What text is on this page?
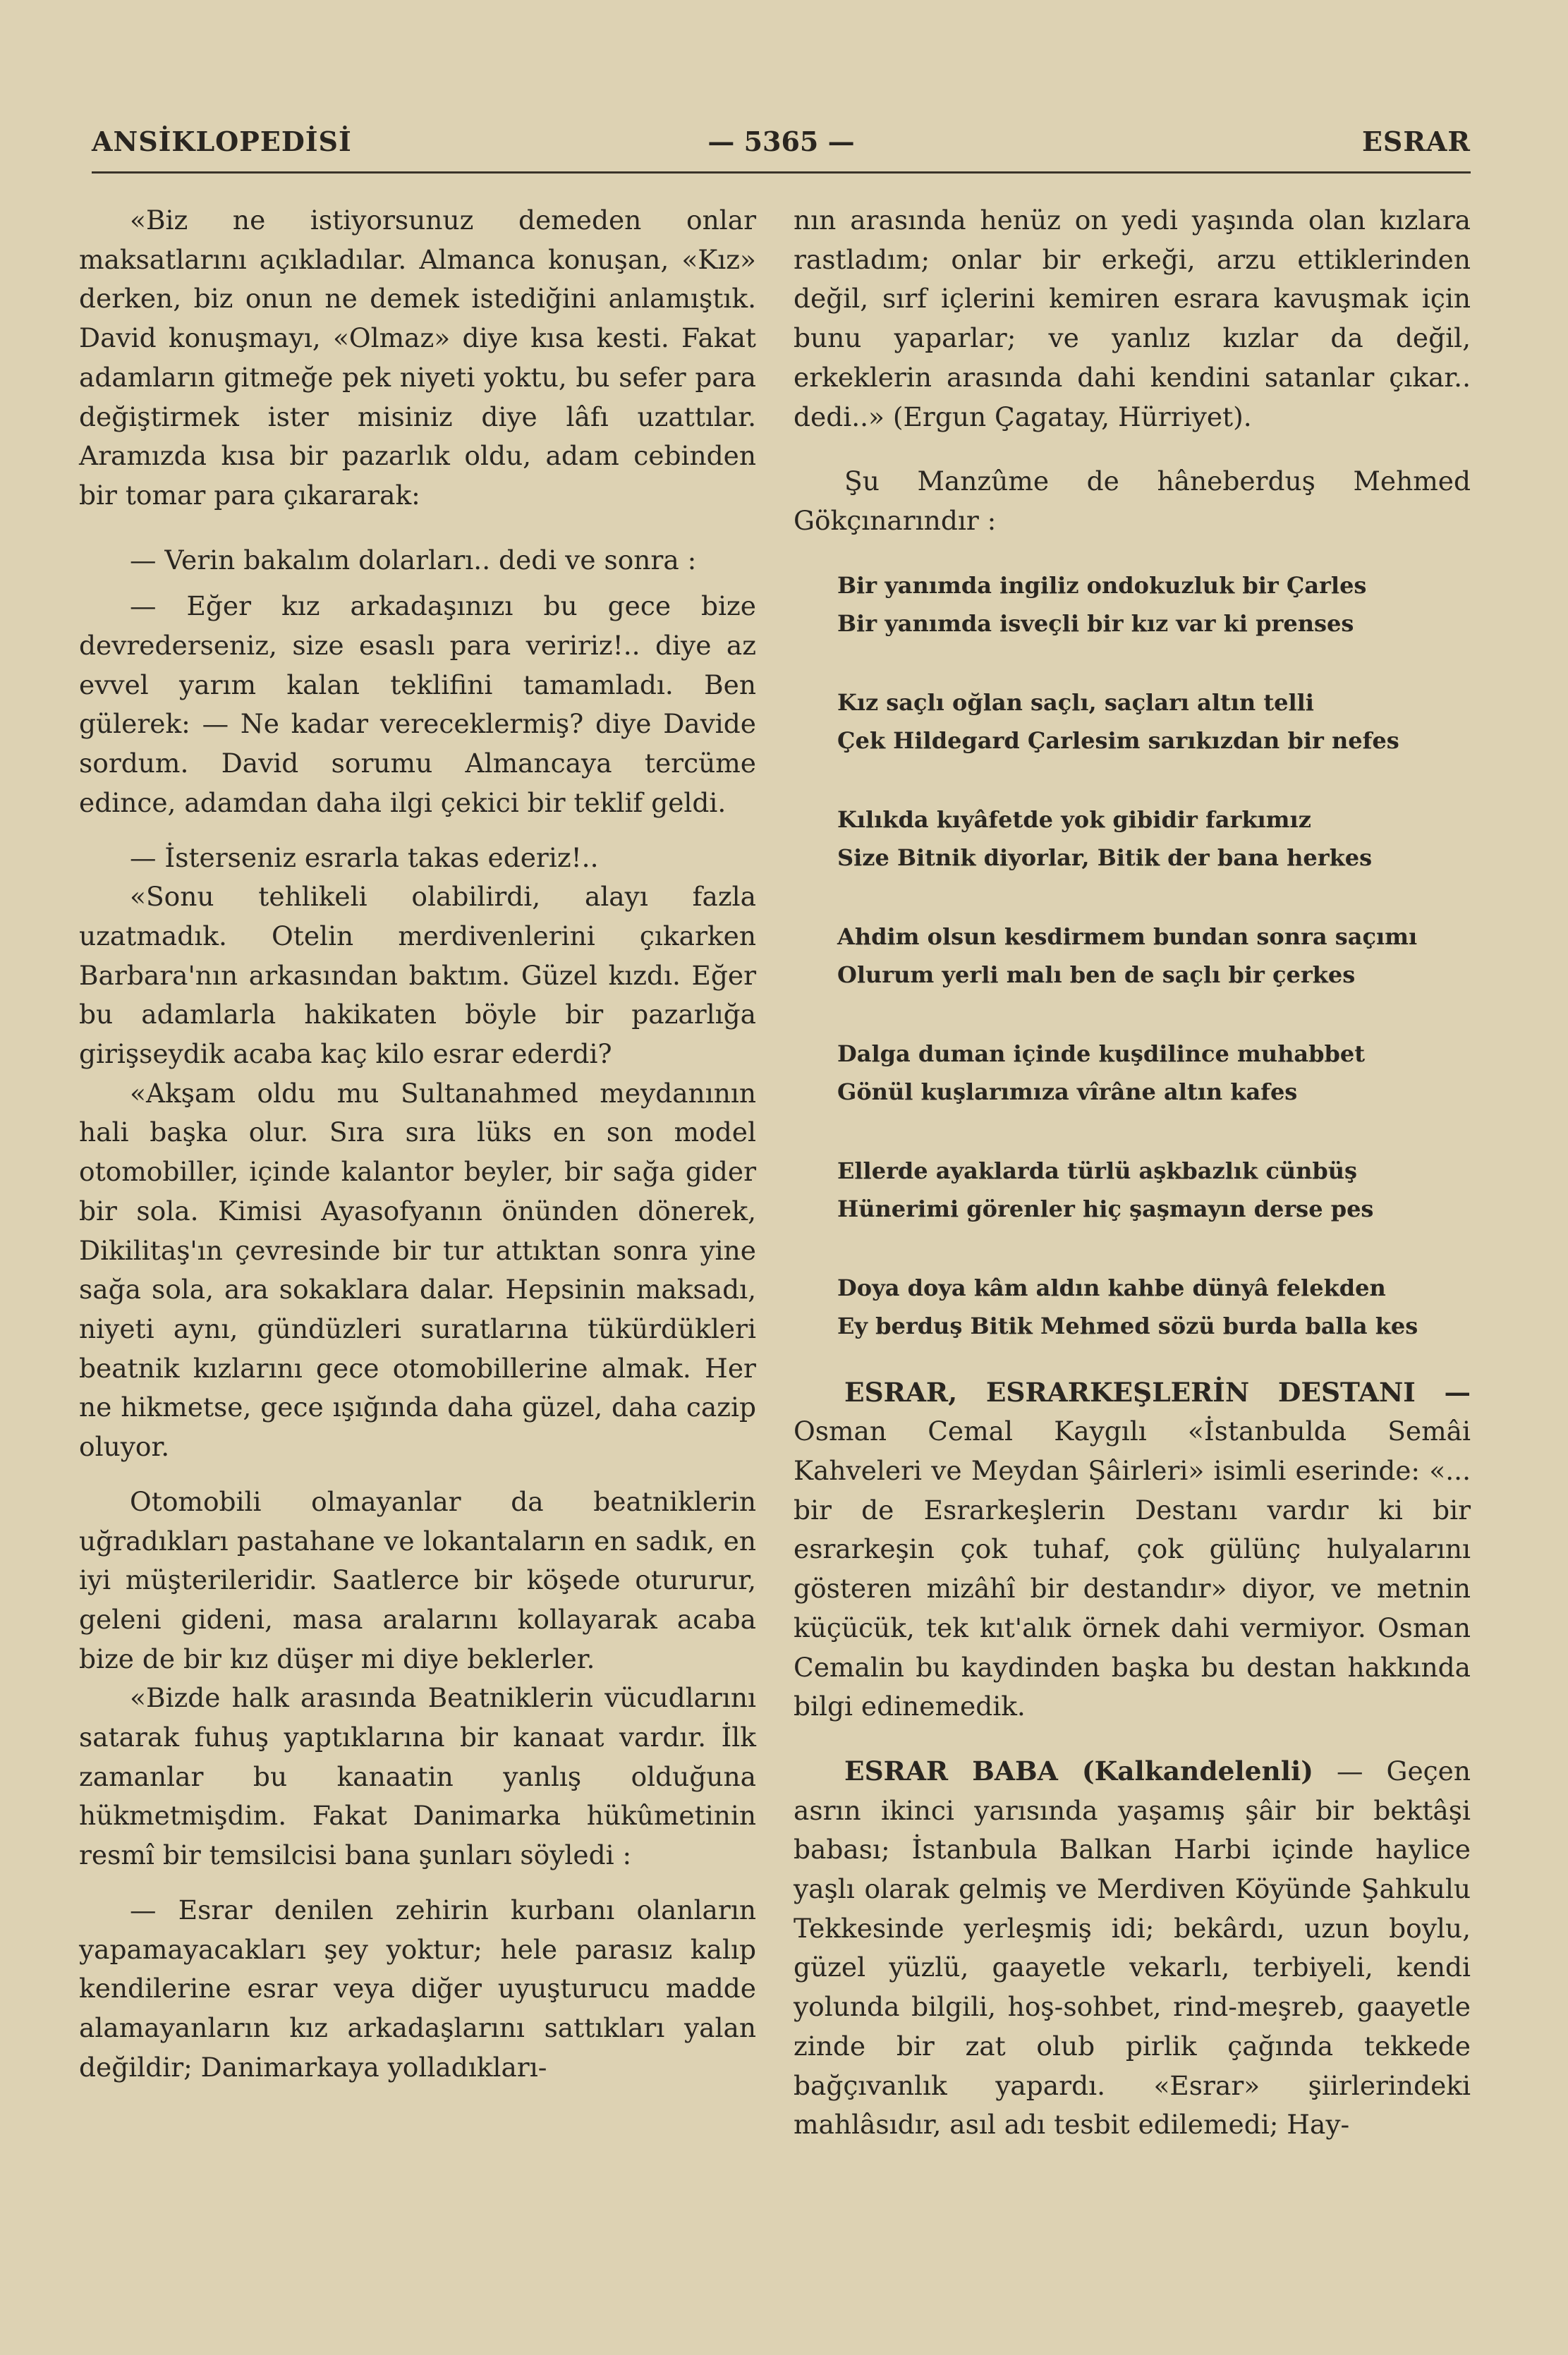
ANSİKLOPEDİSİ	— 5365 —	ESRAR

«Biz ne istiyorsunuz demeden onlar maksatlarını açıkladılar. Almanca konuşan, «Kız» derken, biz onun ne demek istediğini anlamıştık. David konuşmayı, «Olmaz» diye kısa kesti. Fakat adamların gitmeğe pek niyeti yoktu, bu sefer para değiştirmek ister misiniz diye lâfı uzattılar. Aramızda kısa bir pazarlık oldu, adam cebinden bir tomar para çıkararak:

— Verin bakalım dolarları.. dedi ve sonra :

— Eğer kız arkadaşınızı bu gece bize devrederseniz, size esaslı para veririz!.. diye az evvel yarım kalan teklifini tamamladı. Ben gülerek: — Ne kadar vereceklermiş? diye Davide sordum. David sorumu Almancaya tercüme edince, adamdan daha ilgi çekici bir teklif geldi.

— İsterseniz esrarla takas ederiz!..

«Sonu tehlikeli olabilirdi, alayı fazla uzatmadık. Otelin merdivenlerini çıkarken Barbara'nın arkasından baktım. Güzel kızdı. Eğer bu adamlarla hakikaten böyle bir pazarlığa girişseydik acaba kaç kilo esrar ederdi?

«Akşam oldu mu Sultanahmed meydanının hali başka olur. Sıra sıra lüks en son model otomobiller, içinde kalantor beyler, bir sağa gider bir sola. Kimisi Ayasofyanın önünden dönerek, Dikilitaş'ın çevresinde bir tur attıktan sonra yine sağa sola, ara sokaklara dalar. Hepsinin maksadı, niyeti aynı, gündüzleri suratlarına tükürdükleri beatnik kızlarını gece otomobillerine almak. Her ne hikmetse, gece ışığında daha güzel, daha cazip oluyor.

Otomobili olmayanlar da beatniklerin uğradıkları pastahane ve lokantaların en sadık, en iyi müşterileridir. Saatlerce bir köşede otururur, geleni gideni, masa aralarını kollayarak acaba bize de bir kız düşer mi diye beklerler.

«Bizde halk arasında Beatniklerin vücudlarını satarak fuhuş yaptıklarına bir kanaat vardır. İlk zamanlar bu kanaatin yanlış olduğuna hükmetmişdim. Fakat Danimarka hükûmetinin resmî bir temsilcisi bana şunları söyledi :

— Esrar denilen zehirin kurbanı olanların yapamayacakları şey yoktur; hele parasız kalıp kendilerine esrar veya diğer uyuşturucu madde alamayanların kız arkadaşlarını sattıkları yalan değildir; Danimarkaya yolladıkları-

nın arasında henüz on yedi yaşında olan kızlara rastladım; onlar bir erkeği, arzu ettiklerinden değil, sırf içlerini kemiren esrara kavuşmak için bunu yaparlar; ve yanlız kızlar da değil, erkeklerin arasında dahi kendini satanlar çıkar.. dedi..» (Ergun Çagatay, Hürriyet).

Şu Manzûme de hâneberduş Mehmed Gökçınarındır :

Bir yanımda ingiliz ondokuzluk bir Çarles
Bir yanımda isveçli bir kız var ki prenses
Kız saçlı oğlan saçlı, saçları altın telli
Çek Hildegard Çarlesim sarıkızdan bir nefes
Kılıkda kıyâfetde yok gibidir farkımız
Size Bitnik diyorlar, Bitik der bana herkes
Ahdim olsun kesdirmem bundan sonra saçımı
Olurum yerli malı ben de saçlı bir çerkes
Dalga duman içinde kuşdilince muhabbet
Gönül kuşlarımıza vîrâne altın kafes
Ellerde ayaklarda türlü aşkbazlık cünbüş
Hünerimi görenler hiç şaşmayın derse pes
Doya doya kâm aldın kahbe dünyâ felekden
Ey berduş Bitik Mehmed sözü burda balla kes

ESRAR, ESRARKEŞLERİN DESTANI — Osman Cemal Kaygılı «İstanbulda Semâi Kahveleri ve Meydan Şâirleri» isimli eserinde: «... bir de Esrarkeşlerin Destanı vardır ki bir esrarkeşin çok tuhaf, çok gülünç hulyalarını gösteren mizâhî bir destandır» diyor, ve metnin küçücük, tek kıt'alık örnek dahi vermiyor. Osman Cemalin bu kaydinden başka bu destan hakkında bilgi edinemedik.

ESRAR BABA (Kalkandelenli) — Geçen asrın ikinci yarısında yaşamış şâir bir bektâşi babası; İstanbula Balkan Harbi içinde haylice yaşlı olarak gelmiş ve Merdiven Köyünde Şahkulu Tekkesinde yerleşmiş idi; bekârdı, uzun boylu, güzel yüzlü, gaayetle vekarlı, terbiyeli, kendi yolunda bilgili, hoş-sohbet, rind-meşreb, gaayetle zinde bir zat olub pirlik çağında tekkede bağçıvanlık yapardı. «Esrar» şiirlerindeki mahlâsıdır, asıl adı tesbit edilemedi; Hay-
